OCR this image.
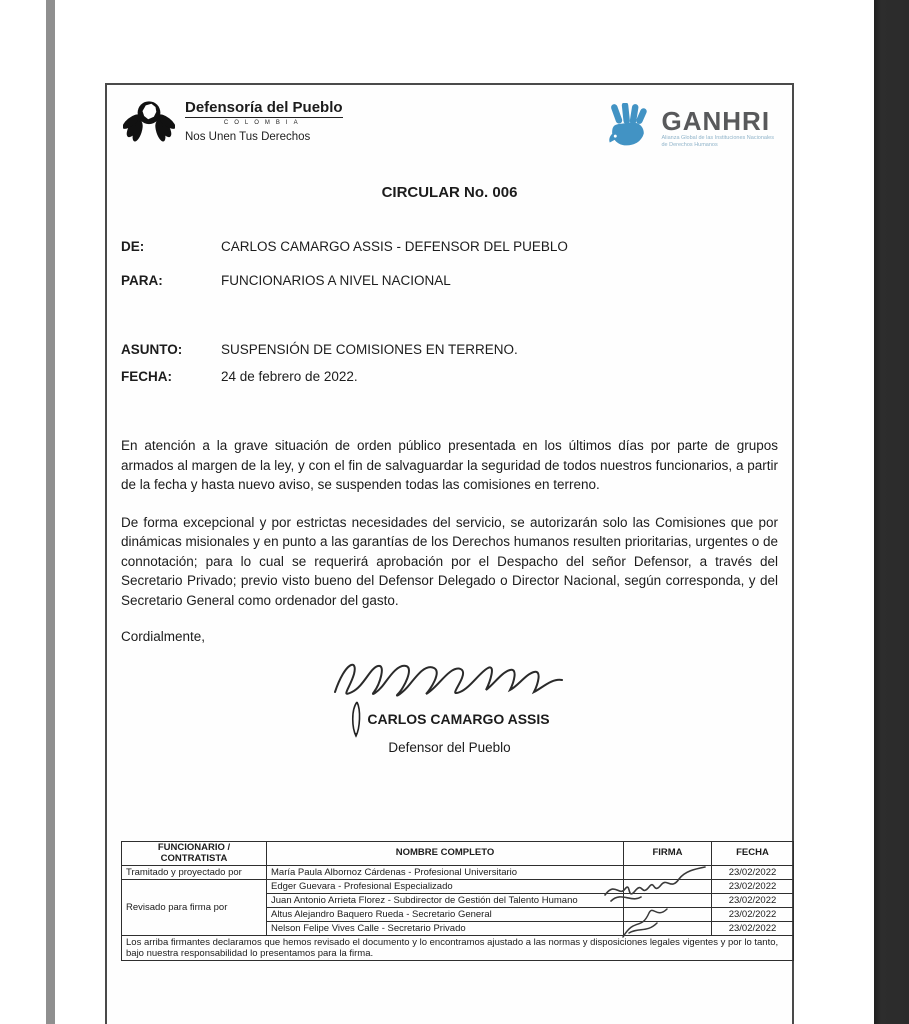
Defensoría del Pueblo
COLOMBIA
Nos Unen Tus Derechos
GANHRI
Alianza Global de las Instituciones Nacionales
de Derechos Humanos
CIRCULAR No. 006
DE:	CARLOS CAMARGO ASSIS - DEFENSOR DEL PUEBLO
PARA:	FUNCIONARIOS A NIVEL NACIONAL
ASUNTO:	SUSPENSIÓN DE COMISIONES EN TERRENO.
FECHA:	24 de febrero de 2022.

En atención a la grave situación de orden público presentada en los últimos días por parte de grupos armados al margen de la ley, y con el fin de salvaguardar la seguridad de todos nuestros funcionarios, a partir de la fecha y hasta nuevo aviso, se suspenden todas las comisiones en terreno.

De forma excepcional y por estrictas necesidades del servicio, se autorizarán solo las Comisiones que por dinámicas misionales y en punto a las garantías de los Derechos humanos resulten prioritarias, urgentes o de connotación; para lo cual se requerirá aprobación por el Despacho del señor Defensor, a través del Secretario Privado; previo visto bueno del Defensor Delegado o Director Nacional, según corresponda, y del Secretario General como ordenador del gasto.

Cordialmente,

CARLOS CAMARGO ASSIS
Defensor del Pueblo
FUNCIONARIO / CONTRATISTA	NOMBRE COMPLETO	FIRMA	FECHA
Tramitado y proyectado por	María Paula Albornoz Cárdenas - Profesional Universitario		23/02/2022
Revisado para firma por	Edger Guevara - Profesional Especializado		23/02/2022
	Juan Antonio Arrieta Florez - Subdirector de Gestión del Talento Humano		23/02/2022
	Altus Alejandro Baquero Rueda - Secretario General		23/02/2022
	Nelson Felipe Vives Calle - Secretario Privado		23/02/2022
Los arriba firmantes declaramos que hemos revisado el documento y lo encontramos ajustado a las normas y disposiciones legales vigentes y por lo tanto, bajo nuestra responsabilidad lo presentamos para la firma.			
